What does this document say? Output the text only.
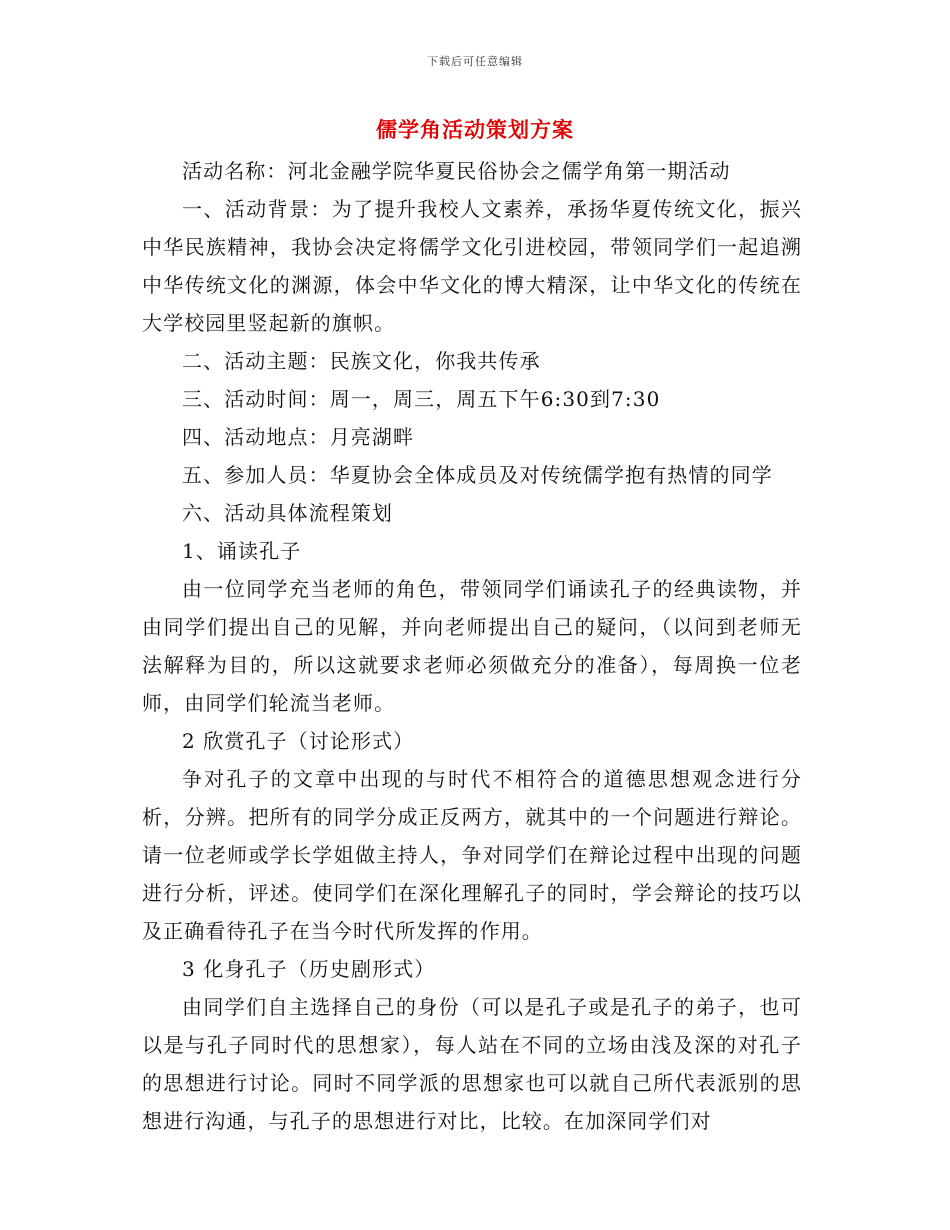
下载后可任意编辑
儒学角活动策划方案

活动名称：河北金融学院华夏民俗协会之儒学角第一期活动

一、活动背景：为了提升我校人文素养，承扬华夏传统文化，振兴中华民族精神，我协会决定将儒学文化引进校园，带领同学们一起追溯中华传统文化的渊源，体会中华文化的博大精深，让中华文化的传统在大学校园里竖起新的旗帜。

二、活动主题：民族文化，你我共传承

三、活动时间：周一，周三，周五下午6:30到7:30

四、活动地点：月亮湖畔

五、参加人员：华夏协会全体成员及对传统儒学抱有热情的同学

六、活动具体流程策划

1、诵读孔子

由一位同学充当老师的角色，带领同学们诵读孔子的经典读物，并由同学们提出自己的见解，并向老师提出自己的疑问，（以问到老师无法解释为目的，所以这就要求老师必须做充分的准备），每周换一位老师，由同学们轮流当老师。

2 欣赏孔子（讨论形式）

争对孔子的文章中出现的与时代不相符合的道德思想观念进行分析，分辨。把所有的同学分成正反两方，就其中的一个问题进行辩论。请一位老师或学长学姐做主持人，争对同学们在辩论过程中出现的问题进行分析，评述。使同学们在深化理解孔子的同时，学会辩论的技巧以及正确看待孔子在当今时代所发挥的作用。

3 化身孔子（历史剧形式）

由同学们自主选择自己的身份（可以是孔子或是孔子的弟子，也可以是与孔子同时代的思想家），每人站在不同的立场由浅及深的对孔子的思想进行讨论。同时不同学派的思想家也可以就自己所代表派别的思想进行沟通，与孔子的思想进行对比，比较。在加深同学们对
